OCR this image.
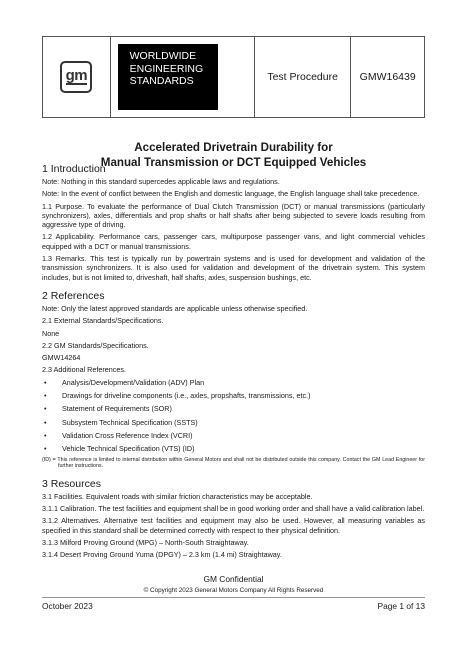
gm
WORLDWIDE
ENGINEERING
STANDARDS	Test Procedure	GMW16439
Accelerated Drivetrain Durability for
Manual Transmission or DCT Equipped Vehicles
1 Introduction

Note: Nothing in this standard supercedes applicable laws and regulations.

Note: In the event of conflict between the English and domestic language, the English language shall take precedence.

1.1 Purpose. To evaluate the performance of Dual Clutch Transmission (DCT) or manual transmissions (particularly synchronizers), axles, differentials and prop shafts or half shafts after being subjected to severe loads resulting from aggressive type of driving.

1.2 Applicability. Performance cars, passenger cars, multipurpose passenger vans, and light commercial vehicles equipped with a DCT or manual transmissions.

1.3 Remarks. This test is typically run by powertrain systems and is used for development and validation of the transmission synchronizers. It is also used for validation and development of the drivetrain system. This system includes, but is not limited to, driveshaft, half shafts, axles, suspension bushings, etc.

2 References

Note: Only the latest approved standards are applicable unless otherwise specified.

2.1 External Standards/Specifications.

None

2.2 GM Standards/Specifications.

GMW14264

2.3 Additional References.

• Analysis/Development/Validation (ADV) Plan
• Drawings for driveline components (i.e., axles, propshafts, transmissions, etc.)
• Statement of Requirements (SOR)
• Subsystem Technical Specification (SSTS)
• Validation Cross Reference Index (VCRI)
• Vehicle Technical Specification (VTS) (ID)

(ID) = This reference is limited to internal distribution within General Motors and shall not be distributed outside this company. Contact the GM Lead Engineer for further instructions.

3 Resources

3.1 Facilities. Equivalent roads with similar friction characteristics may be acceptable.

3.1.1 Calibration. The test facilities and equipment shall be in good working order and shall have a valid calibration label.

3.1.2 Alternatives. Alternative test facilities and equipment may also be used. However, all measuring variables as specified in this standard shall be determined correctly with respect to their physical definition.

3.1.3 Milford Proving Ground (MPG) – North-South Straightaway.

3.1.4 Desert Proving Ground Yuma (DPGY) – 2.3 km (1.4 mi) Straightaway.

GM Confidential
© Copyright 2023 General Motors Company All Rights Reserved
October 2023	Page 1 of 13
